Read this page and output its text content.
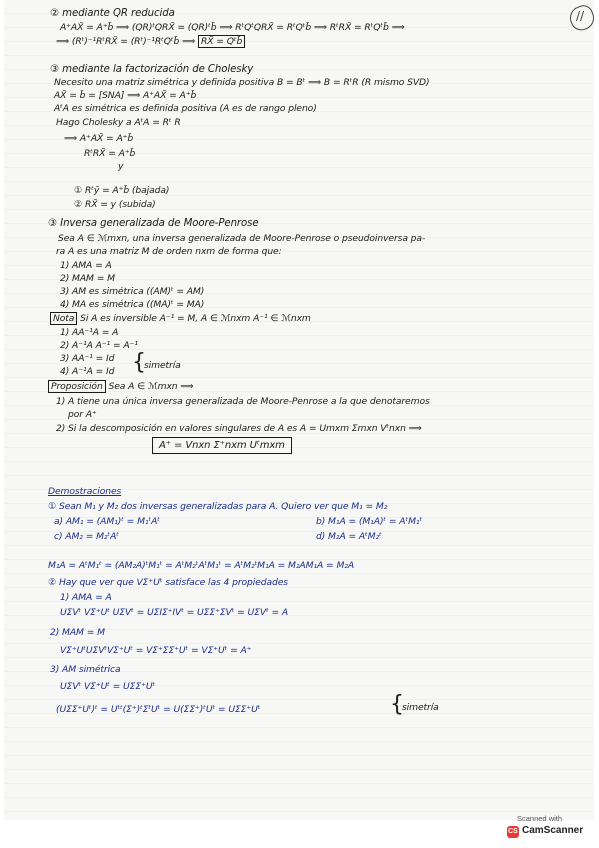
//
② mediante QR reducida
A⁺AX̄ = A⁺b̄ ⟹ (QR)ᵗQRX̄ = (QR)ᵗb̄ ⟹ RᵗQᵗQRX̄ = RᵗQᵗb̄ ⟹ RᵗRX̄ = RᵗQᵗb̄ ⟹
⟹ (Rᵗ)⁻¹RᵗRX̄ = (Rᵗ)⁻¹RᵗQᵗb̄ ⟹ RX̄ = Qᵗb̄
③ mediante la factorización de Cholesky
Necesito una matriz simétrica y definida positiva B = Bᵗ ⟹ B = RᵗR (R mismo SVD)
AX̄ = b̄ = [SNA] ⟹ A⁺AX̄ = A⁺b̄
AᵗA es simétrica es definida positiva (A es de rango pleno)
Hago Cholesky a AᵗA = Rᵗ R
⟹ A⁺AX̄ = A⁺b̄
RᵗRX̄ = A⁺b̄
y
① Rᵗȳ = A⁺b̄ (bajada)
② RX̄ = y (subida)
③ Inversa generalizada de Moore-Penrose
Sea A ∈ ℳmxn, una inversa generalizada de Moore-Penrose o pseudoinversa pa-
ra A es una matriz M de orden nxm de forma que:
1) AMA = A
2) MAM = M
3) AM es simétrica ((AM)ᵗ = AM)
4) MA es simétrica ((MA)ᵗ = MA)
Nota Si A es inversible A⁻¹ = M, A ∈ ℳnxm A⁻¹ ∈ ℳnxm
1) AA⁻¹A = A
2) A⁻¹A A⁻¹ = A⁻¹
3) AA⁻¹ = Id
4) A⁻¹A = Id {
simetría
Proposición Sea A ∈ ℳmxn ⟹
1) A tiene una única inversa generalizada de Moore-Penrose a la que denotaremos
por A⁺
2) Si la descomposición en valores singulares de A es A = Umxm Σmxn Vᵗnxn ⟹
A⁺ = Vnxn Σ⁺nxm Uᵗmxm
Demostraciones
① Sean M₁ y M₂ dos inversas generalizadas para A. Quiero ver que M₁ = M₂
a) AM₁ = (AM₁)ᵗ = M₁ᵗAᵗ	b) M₁A = (M₁A)ᵗ = AᵗM₁ᵗ
c) AM₂ = M₂ᵗAᵗ	d) M₂A = AᵗM₂ᵗ
M₁A = AᵗM₁ᵗ = (AM₂A)ᵗM₁ᵗ = AᵗM₂ᵗAᵗM₁ᵗ = AᵗM₂ᵗM₁A = M₂AM₁A = M₂A
② Hay que ver que VΣ⁺Uᵗ satisface las 4 propiedades
1) AMA = A
UΣVᵗ VΣ⁺Uᵗ UΣVᵗ = UΣIΣ⁺IVᵗ = UΣΣ⁺ΣVᵗ = UΣVᵗ = A
2) MAM = M
VΣ⁺UᵗUΣVᵗVΣ⁺Uᵗ = VΣ⁺ΣΣ⁺Uᵗ = VΣ⁺Uᵗ = A⁺
3) AM simétrica
UΣVᵗ VΣ⁺Uᵗ = UΣΣ⁺Uᵗ
(UΣΣ⁺Uᵗ)ᵗ = Uᵗᵗ(Σ⁺)ᵗΣᵗUᵗ = U(ΣΣ⁺)ᵗUᵗ = UΣΣ⁺Uᵗ	{
simetría
Scanned with
CS CamScanner
